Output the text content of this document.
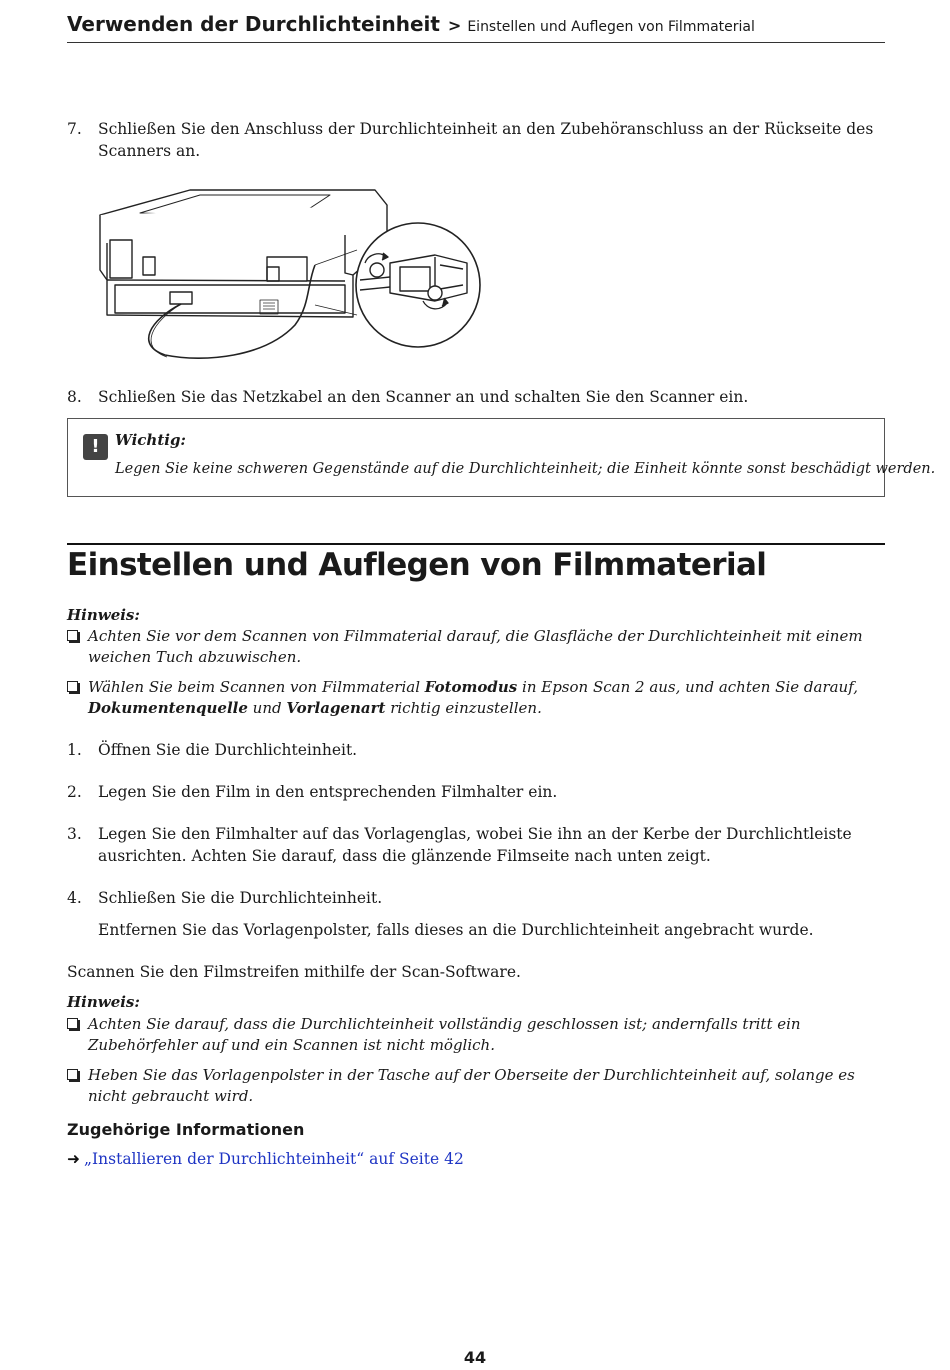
Verwenden der Durchlichteinheit > Einstellen und Auflegen von Filmmaterial
7. Schließen Sie den Anschluss der Durchlichteinheit an den Zubehöranschluss an der Rückseite des Scanners an.
8. Schließen Sie das Netzkabel an den Scanner an und schalten Sie den Scanner ein.
!	Wichtig:
Legen Sie keine schweren Gegenstände auf die Durchlichteinheit; die Einheit könnte sonst beschädigt werden.
Einstellen und Auflegen von Filmmaterial
Hinweis:
Achten Sie vor dem Scannen von Filmmaterial darauf, die Glasfläche der Durchlichteinheit mit einem weichen Tuch abzuwischen.
Wählen Sie beim Scannen von Filmmaterial Fotomodus in Epson Scan 2 aus, und achten Sie darauf, Dokumentenquelle und Vorlagenart richtig einzustellen.
1. Öffnen Sie die Durchlichteinheit.
2. Legen Sie den Film in den entsprechenden Filmhalter ein.
3. Legen Sie den Filmhalter auf das Vorlagenglas, wobei Sie ihn an der Kerbe der Durchlichtleiste ausrichten. Achten Sie darauf, dass die glänzende Filmseite nach unten zeigt.
4. Schließen Sie die Durchlichteinheit.
Entfernen Sie das Vorlagenpolster, falls dieses an die Durchlichteinheit angebracht wurde.
Scannen Sie den Filmstreifen mithilfe der Scan-Software.
Hinweis:
Achten Sie darauf, dass die Durchlichteinheit vollständig geschlossen ist; andernfalls tritt ein Zubehörfehler auf und ein Scannen ist nicht möglich.
Heben Sie das Vorlagenpolster in der Tasche auf der Oberseite der Durchlichteinheit auf, solange es nicht gebraucht wird.
Zugehörige Informationen
➜ „Installieren der Durchlichteinheit“ auf Seite 42
44
